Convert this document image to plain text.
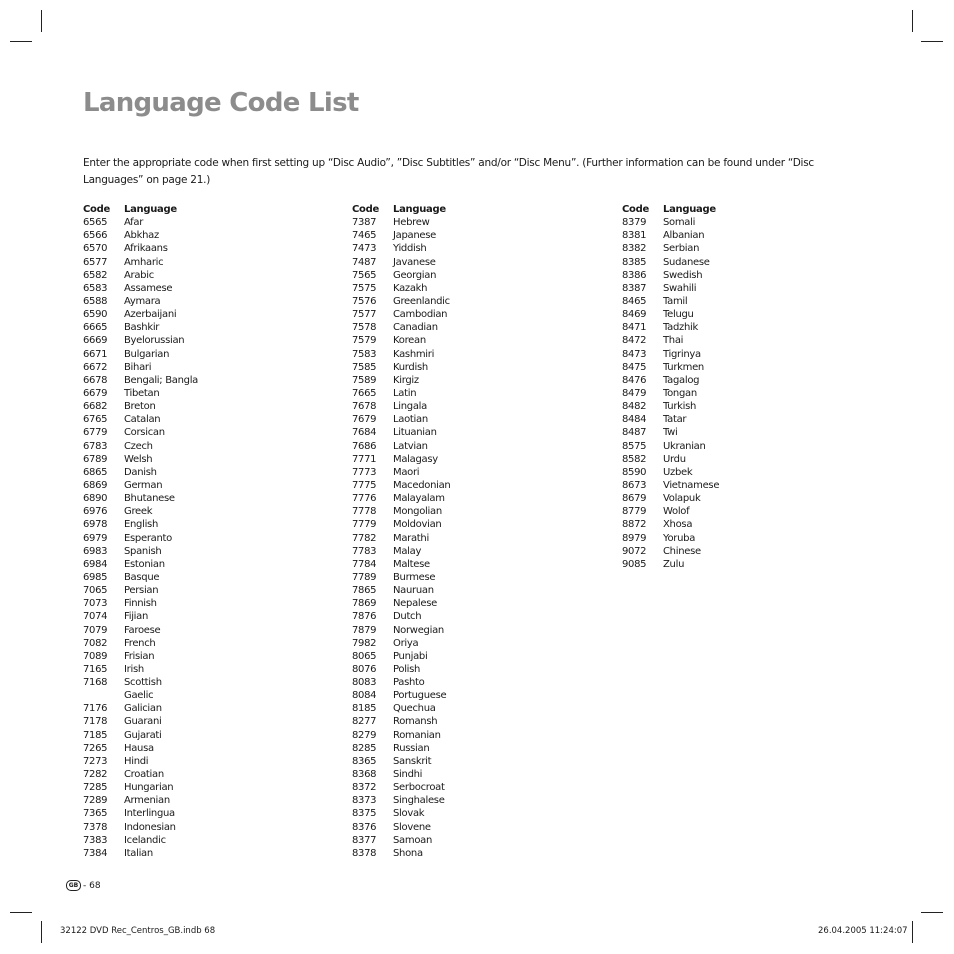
Language Code List

Enter the appropriate code when first setting up “Disc Audio”, ”Disc Subtitles” and/or “Disc Menu”. (Further information can be found under “Disc Languages” on page 21.)

Code	Language
6565	Afar
6566	Abkhaz
6570	Afrikaans
6577	Amharic
6582	Arabic
6583	Assamese
6588	Aymara
6590	Azerbaijani
6665	Bashkir
6669	Byelorussian
6671	Bulgarian
6672	Bihari
6678	Bengali; Bangla
6679	Tibetan
6682	Breton
6765	Catalan
6779	Corsican
6783	Czech
6789	Welsh
6865	Danish
6869	German
6890	Bhutanese
6976	Greek
6978	English
6979	Esperanto
6983	Spanish
6984	Estonian
6985	Basque
7065	Persian
7073	Finnish
7074	Fijian
7079	Faroese
7082	French
7089	Frisian
7165	Irish
7168	Scottish
Gaelic
7176	Galician
7178	Guarani
7185	Gujarati
7265	Hausa
7273	Hindi
7282	Croatian
7285	Hungarian
7289	Armenian
7365	Interlingua
7378	Indonesian
7383	Icelandic
7384	Italian
Code	Language
7387	Hebrew
7465	Japanese
7473	Yiddish
7487	Javanese
7565	Georgian
7575	Kazakh
7576	Greenlandic
7577	Cambodian
7578	Canadian
7579	Korean
7583	Kashmiri
7585	Kurdish
7589	Kirgiz
7665	Latin
7678	Lingala
7679	Laotian
7684	Lituanian
7686	Latvian
7771	Malagasy
7773	Maori
7775	Macedonian
7776	Malayalam
7778	Mongolian
7779	Moldovian
7782	Marathi
7783	Malay
7784	Maltese
7789	Burmese
7865	Nauruan
7869	Nepalese
7876	Dutch
7879	Norwegian
7982	Oriya
8065	Punjabi
8076	Polish
8083	Pashto
8084	Portuguese
8185	Quechua
8277	Romansh
8279	Romanian
8285	Russian
8365	Sanskrit
8368	Sindhi
8372	Serbocroat
8373	Singhalese
8375	Slovak
8376	Slovene
8377	Samoan
8378	Shona
Code	Language
8379	Somali
8381	Albanian
8382	Serbian
8385	Sudanese
8386	Swedish
8387	Swahili
8465	Tamil
8469	Telugu
8471	Tadzhik
8472	Thai
8473	Tigrinya
8475	Turkmen
8476	Tagalog
8479	Tongan
8482	Turkish
8484	Tatar
8487	Twi
8575	Ukranian
8582	Urdu
8590	Uzbek
8673	Vietnamese
8679	Volapuk
8779	Wolof
8872	Xhosa
8979	Yoruba
9072	Chinese
9085	Zulu
GB - 68
32122 DVD Rec_Centros_GB.indb 68	26.04.2005 11:24:07
